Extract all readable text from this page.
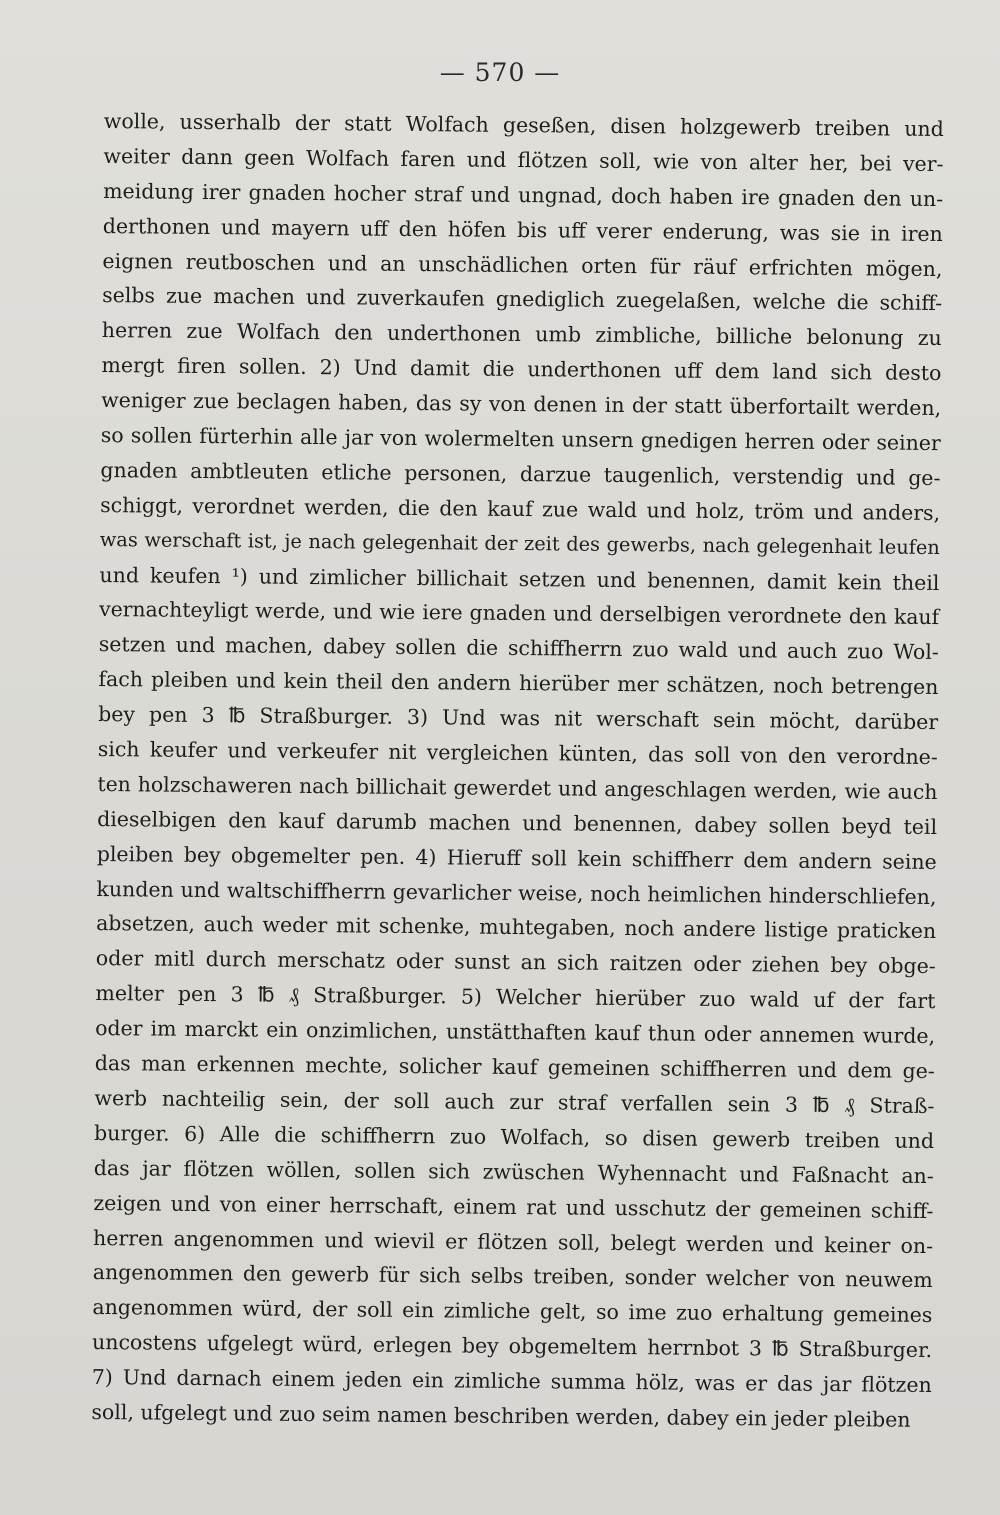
— 570 —
wolle, usserhalb der statt Wolfach geseßen, disen holzgewerb treiben und
weiter dann geen Wolfach faren und flötzen soll, wie von alter her, bei ver-
meidung irer gnaden hocher straf und ungnad, doch haben ire gnaden den un-
derthonen und mayern uff den höfen bis uff verer enderung, was sie in iren
eignen reutboschen und an unschädlichen orten für räuf erfrichten mögen,
selbs zue machen und zuverkaufen gnediglich zuegelaßen, welche die schiff-
herren zue Wolfach den underthonen umb zimbliche, billiche belonung zu
mergt firen sollen. 2) Und damit die underthonen uff dem land sich desto
weniger zue beclagen haben, das sy von denen in der statt überfortailt werden,
so sollen fürterhin alle jar von wolermelten unsern gnedigen herren oder seiner
gnaden ambtleuten etliche personen, darzue taugenlich, verstendig und ge-
schiggt, verordnet werden, die den kauf zue wald und holz, tröm und anders,
was werschaft ist, je nach gelegenhait der zeit des gewerbs, nach gelegenhait leufen
und keufen ¹) und zimlicher billichait setzen und benennen, damit kein theil
vernachteyligt werde, und wie iere gnaden und derselbigen verordnete den kauf
setzen und machen, dabey sollen die schiffherrn zuo wald und auch zuo Wol-
fach pleiben und kein theil den andern hierüber mer schätzen, noch betrengen
bey pen 3 ℔ Straßburger. 3) Und was nit werschaft sein möcht, darüber
sich keufer und verkeufer nit vergleichen künten, das soll von den verordne-
ten holzschaweren nach billichait gewerdet und angeschlagen werden, wie auch
dieselbigen den kauf darumb machen und benennen, dabey sollen beyd teil
pleiben bey obgemelter pen. 4) Hieruff soll kein schiffherr dem andern seine
kunden und waltschiffherrn gevarlicher weise, noch heimlichen hinderschliefen,
absetzen, auch weder mit schenke, muhtegaben, noch andere listige praticken
oder mitl durch merschatz oder sunst an sich raitzen oder ziehen bey obge-
melter pen 3 ℔ ₰ Straßburger. 5) Welcher hierüber zuo wald uf der fart
oder im marckt ein onzimlichen, unstätthaften kauf thun oder annemen wurde,
das man erkennen mechte, solicher kauf gemeinen schiffherren und dem ge-
werb nachteilig sein, der soll auch zur straf verfallen sein 3 ℔ ₰ Straß-
burger. 6) Alle die schiffherrn zuo Wolfach, so disen gewerb treiben und
das jar flötzen wöllen, sollen sich zwüschen Wyhennacht und Faßnacht an-
zeigen und von einer herrschaft, einem rat und usschutz der gemeinen schiff-
herren angenommen und wievil er flötzen soll, belegt werden und keiner on-
angenommen den gewerb für sich selbs treiben, sonder welcher von neuwem
angenommen würd, der soll ein zimliche gelt, so ime zuo erhaltung gemeines
uncostens ufgelegt würd, erlegen bey obgemeltem herrnbot 3 ℔ Straßburger.
7) Und darnach einem jeden ein zimliche summa hölz, was er das jar flötzen
soll, ufgelegt und zuo seim namen beschriben werden, dabey ein jeder pleiben
